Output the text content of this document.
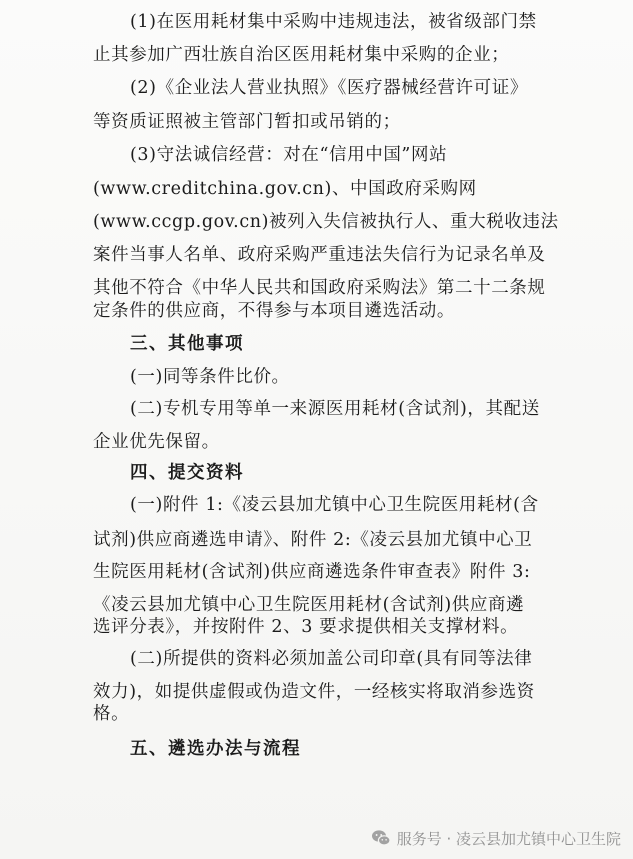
(1)在医用耗材集中采购中违规违法，被省级部门禁
止其参加广西壮族自治区医用耗材集中采购的企业；
(2)《企业法人营业执照》《医疗器械经营许可证》
等资质证照被主管部门暂扣或吊销的；
(3)守法诚信经营：对在“信用中国”网站
(www.creditchina.gov.cn)、中国政府采购网
(www.ccgp.gov.cn)被列入失信被执行人、重大税收违法
案件当事人名单、政府采购严重违法失信行为记录名单及
其他不符合《中华人民共和国政府采购法》第二十二条规
定条件的供应商，不得参与本项目遴选活动。
三、其他事项
(一)同等条件比价。
(二)专机专用等单一来源医用耗材(含试剂)，其配送
企业优先保留。
四、提交资料
(一)附件 1:《凌云县加尤镇中心卫生院医用耗材(含
试剂)供应商遴选申请》、附件 2:《凌云县加尤镇中心卫
生院医用耗材(含试剂)供应商遴选条件审查表》附件 3:
《凌云县加尤镇中心卫生院医用耗材(含试剂)供应商遴
选评分表》，并按附件 2、3 要求提供相关支撑材料。
(二)所提供的资料必须加盖公司印章(具有同等法律
效力)，如提供虚假或伪造文件，一经核实将取消参选资
格。
五、遴选办法与流程
服务号 · 凌云县加尤镇中心卫生院
